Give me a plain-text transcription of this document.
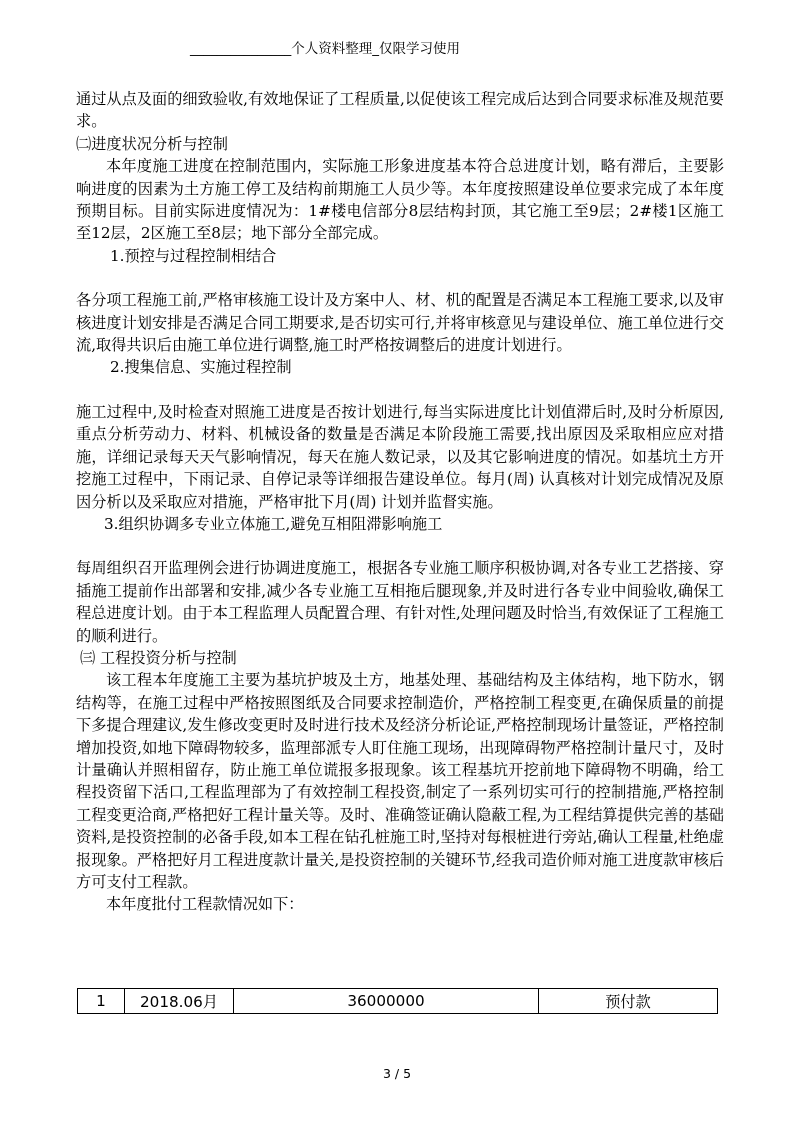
_______________个人资料整理_仅限学习使用

通过从点及面的细致验收,有效地保证了工程质量,以促使该工程完成后达到合同要求标准及规范要求。

㈡进度状况分析与控制

本年度施工进度在控制范围内，实际施工形象进度基本符合总进度计划，略有滞后，主要影响进度的因素为土方施工停工及结构前期施工人员少等。本年度按照建设单位要求完成了本年度预期目标。目前实际进度情况为：1#楼电信部分8层结构封顶，其它施工至9层；2#楼1区施工至12层，2区施工至8层；地下部分全部完成。

1.预控与过程控制相结合

各分项工程施工前,严格审核施工设计及方案中人、材、机的配置是否满足本工程施工要求,以及审核进度计划安排是否满足合同工期要求,是否切实可行,并将审核意见与建设单位、施工单位进行交流,取得共识后由施工单位进行调整,施工时严格按调整后的进度计划进行。

2.搜集信息、实施过程控制

施工过程中,及时检查对照施工进度是否按计划进行,每当实际进度比计划值滞后时,及时分析原因,重点分析劳动力、材料、机械设备的数量是否满足本阶段施工需要,找出原因及采取相应应对措施，详细记录每天天气影响情况，每天在施人数记录，以及其它影响进度的情况。如基坑土方开挖施工过程中，下雨记录、自停记录等详细报告建设单位。每月(周) 认真核对计划完成情况及原因分析以及采取应对措施，严格审批下月(周) 计划并监督实施。

3.组织协调多专业立体施工,避免互相阻滞影响施工

每周组织召开监理例会进行协调进度施工，根据各专业施工顺序积极协调,对各专业工艺搭接、穿插施工提前作出部署和安排,减少各专业施工互相拖后腿现象,并及时进行各专业中间验收,确保工程总进度计划。由于本工程监理人员配置合理、有针对性,处理问题及时恰当,有效保证了工程施工的顺利进行。

㈢ 工程投资分析与控制

该工程本年度施工主要为基坑护坡及土方，地基处理、基础结构及主体结构，地下防水，钢结构等，在施工过程中严格按照图纸及合同要求控制造价，严格控制工程变更,在确保质量的前提下多提合理建议,发生修改变更时及时进行技术及经济分析论证,严格控制现场计量签证，严格控制增加投资,如地下障碍物较多，监理部派专人盯住施工现场，出现障碍物严格控制计量尺寸，及时计量确认并照相留存，防止施工单位谎报多报现象。该工程基坑开挖前地下障碍物不明确，给工程投资留下活口,工程监理部为了有效控制工程投资,制定了一系列切实可行的控制措施,严格控制工程变更洽商,严格把好工程计量关等。及时、准确签证确认隐蔽工程,为工程结算提供完善的基础资料,是投资控制的必备手段,如本工程在钻孔桩施工时,坚持对每根桩进行旁站,确认工程量,杜绝虚报现象。严格把好月工程进度款计量关,是投资控制的关键环节,经我司造价师对施工进度款审核后方可支付工程款。

本年度批付工程款情况如下：

1	2018.06月	36000000	预付款
3 / 5
